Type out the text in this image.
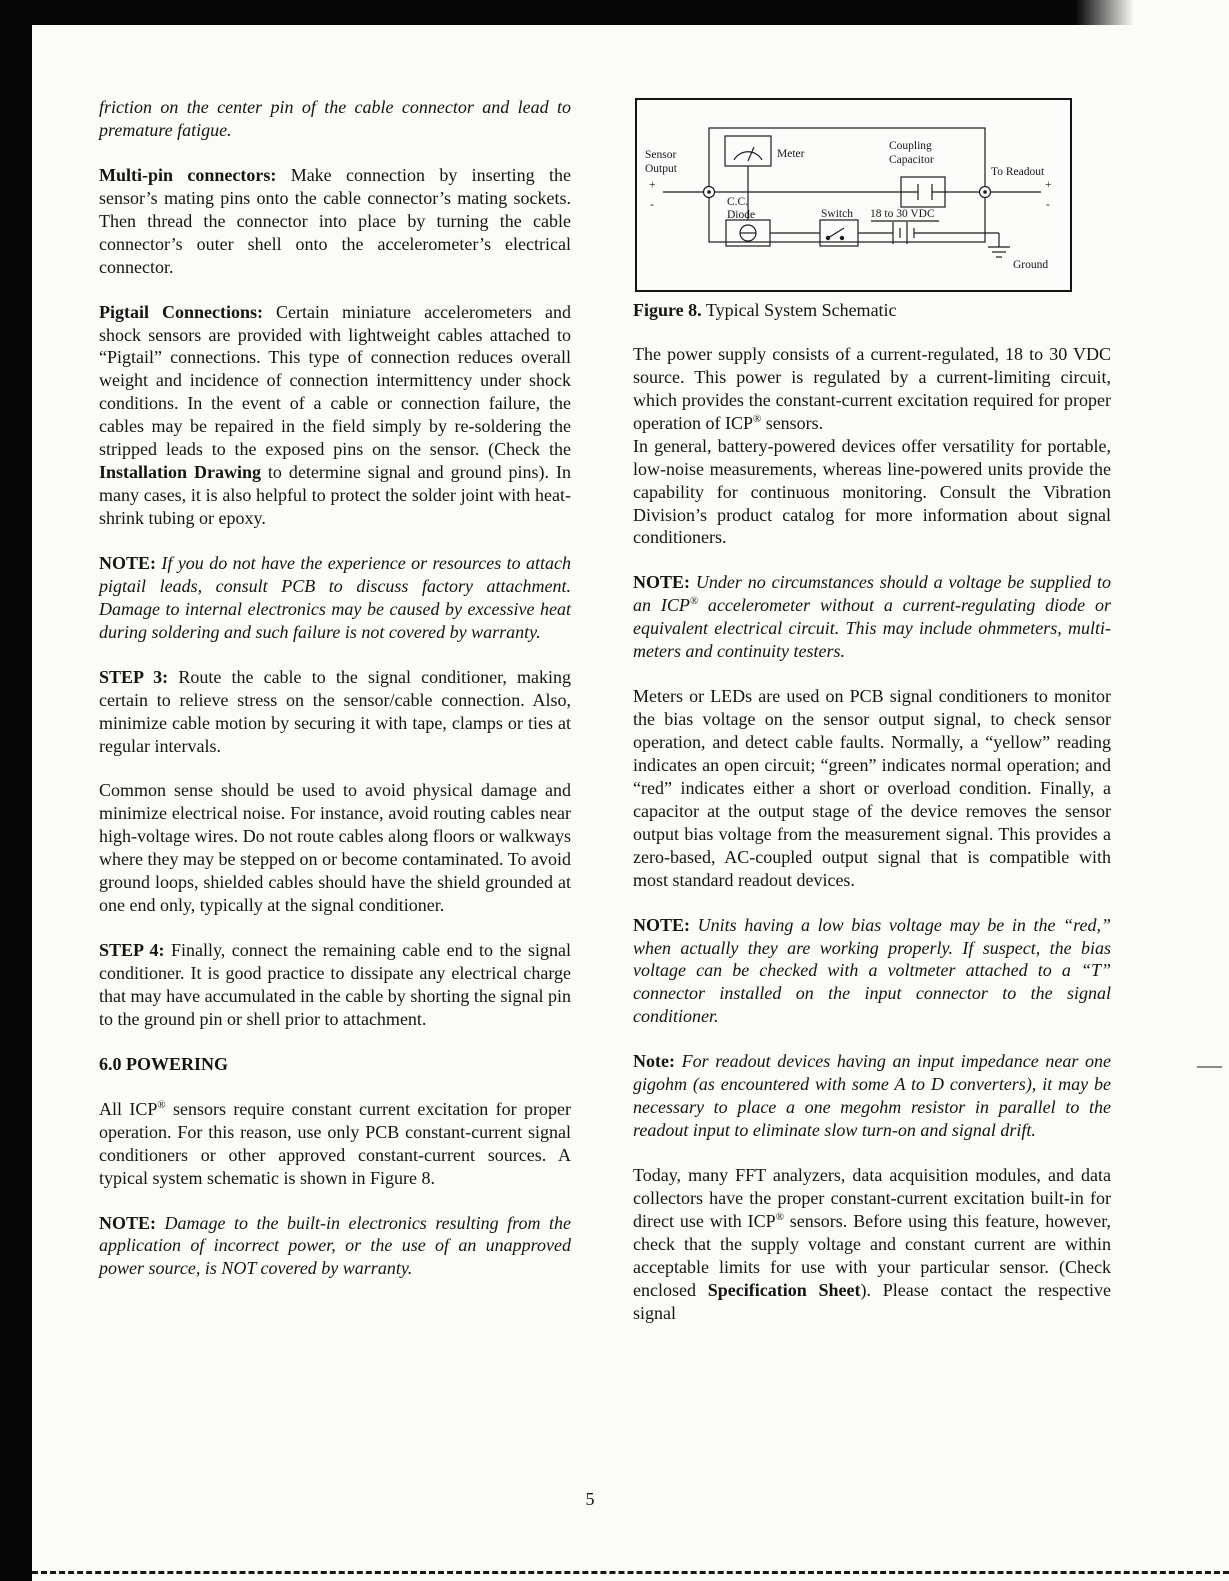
friction on the center pin of the cable connector and lead to premature fatigue.

Multi-pin connectors: Make connection by inserting the sensor’s mating pins onto the cable connector’s mating sockets. Then thread the connector into place by turning the cable connector’s outer shell onto the accelerometer’s electrical connector.

Pigtail Connections: Certain miniature accelerometers and shock sensors are provided with lightweight cables attached to “Pigtail” connections. This type of connection reduces overall weight and incidence of connection intermittency under shock conditions. In the event of a cable or connection failure, the cables may be repaired in the field simply by re-soldering the stripped leads to the exposed pins on the sensor. (Check the Installation Drawing to determine signal and ground pins). In many cases, it is also helpful to protect the solder joint with heat-shrink tubing or epoxy.

NOTE: If you do not have the experience or resources to attach pigtail leads, consult PCB to discuss factory attachment. Damage to internal electronics may be caused by excessive heat during soldering and such failure is not covered by warranty.

STEP 3: Route the cable to the signal conditioner, making certain to relieve stress on the sensor/cable connection. Also, minimize cable motion by securing it with tape, clamps or ties at regular intervals.

Common sense should be used to avoid physical damage and minimize electrical noise. For instance, avoid routing cables near high-voltage wires. Do not route cables along floors or walkways where they may be stepped on or become contaminated. To avoid ground loops, shielded cables should have the shield grounded at one end only, typically at the signal conditioner.

STEP 4: Finally, connect the remaining cable end to the signal conditioner. It is good practice to dissipate any electrical charge that may have accumulated in the cable by shorting the signal pin to the ground pin or shell prior to attachment.

6.0 POWERING

All ICP® sensors require constant current excitation for proper operation. For this reason, use only PCB constant-current signal conditioners or other approved constant-current sources. A typical system schematic is shown in Figure 8.

NOTE: Damage to the built-in electronics resulting from the application of incorrect power, or the use of an unapproved power source, is NOT covered by warranty.

Sensor
Output
+
-
Meter
Coupling
Capacitor
To Readout
+
-
C.C.
Diode	Switch 18 to 30 VDC
Ground

Figure 8. Typical System Schematic

The power supply consists of a current-regulated, 18 to 30 VDC source. This power is regulated by a current-limiting circuit, which provides the constant-current excitation required for proper operation of ICP® sensors.
In general, battery-powered devices offer versatility for portable, low-noise measurements, whereas line-powered units provide the capability for continuous monitoring. Consult the Vibration Division’s product catalog for more information about signal conditioners.

NOTE: Under no circumstances should a voltage be supplied to an ICP® accelerometer without a current-regulating diode or equivalent electrical circuit. This may include ohmmeters, multi-meters and continuity testers.

Meters or LEDs are used on PCB signal conditioners to monitor the bias voltage on the sensor output signal, to check sensor operation, and detect cable faults. Normally, a “yellow” reading indicates an open circuit; “green” indicates normal operation; and “red” indicates either a short or overload condition. Finally, a capacitor at the output stage of the device removes the sensor output bias voltage from the measurement signal. This provides a zero-based, AC-coupled output signal that is compatible with most standard readout devices.

NOTE: Units having a low bias voltage may be in the “red,” when actually they are working properly. If suspect, the bias voltage can be checked with a voltmeter attached to a “T” connector installed on the input connector to the signal conditioner.

Note: For readout devices having an input impedance near one gigohm (as encountered with some A to D converters), it may be necessary to place a one megohm resistor in parallel to the readout input to eliminate slow turn-on and signal drift.

Today, many FFT analyzers, data acquisition modules, and data collectors have the proper constant-current excitation built-in for direct use with ICP® sensors. Before using this feature, however, check that the supply voltage and constant current are within acceptable limits for use with your particular sensor. (Check enclosed Specification Sheet). Please contact the respective signal

5
